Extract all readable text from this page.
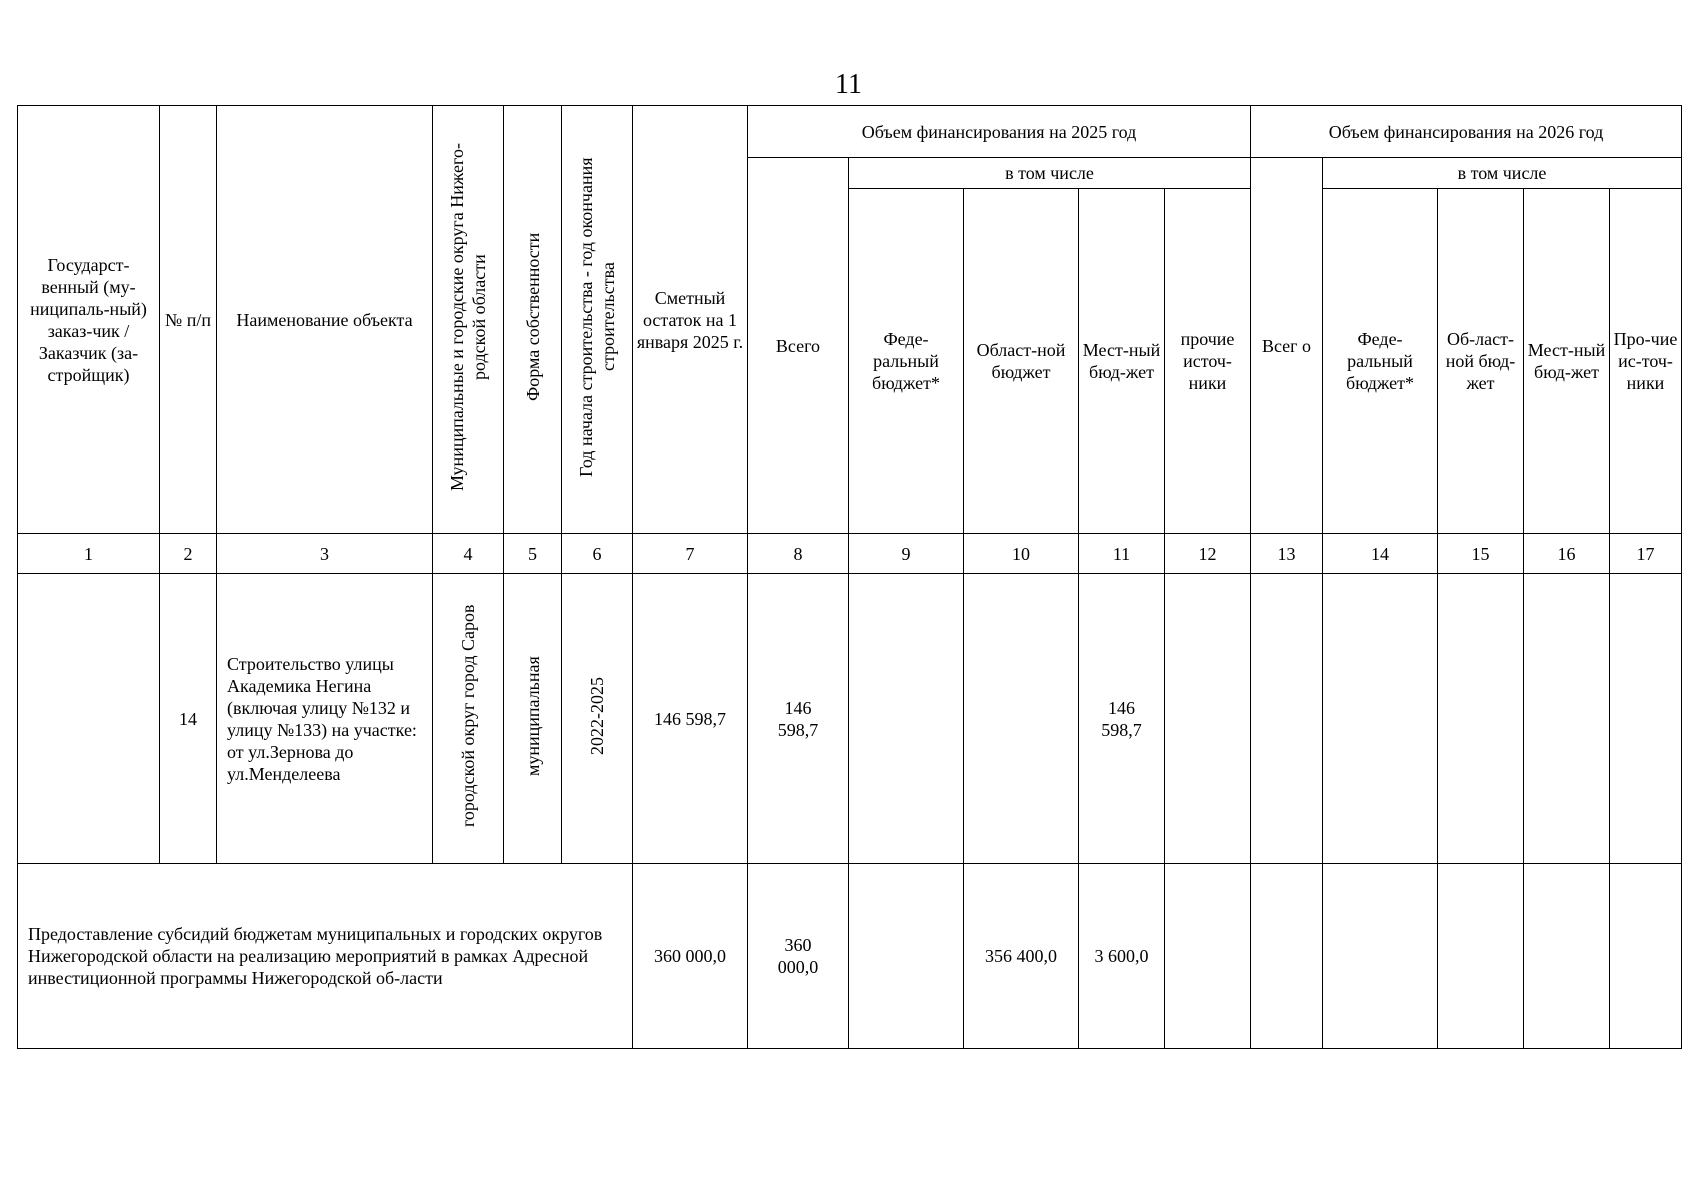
11
Государст-венный (му-ниципаль-ный) заказ-чик / Заказчик (за-стройщик)	№ п/п	Наименование объекта	Муниципальные и городские округа Нижего-родской области	Форма собственности	Год начала строительства - год окончания строительства	Сметный остаток на 1 января 2025 г.	Объем финансирования на 2025 год					Объем финансирования на 2026 год				
							Всего	в том числе				Всег о	в том числе			
								Феде-ральный бюджет*	Област-ной бюджет	Мест-ный бюд-жет	прочие источ-ники		Феде-ральный бюджет*	Об-ласт-ной бюд-жет	Мест-ный бюд-жет	Про-чие ис-точ-ники
1	2	3	4	5	6	7	8	9	10	11	12	13	14	15	16	17
	14	Строительство улицы Академика Негина (включая улицу №132 и улицу №133) на участке: от ул.Зернова до ул.Менделеева	городской округ город Саров	муниципальная	2022-2025	146 598,7	146 598,7			146 598,7						

Предоставление субсидий бюджетам муниципальных и городских округов Нижегородской области на реализацию мероприятий в рамках Адресной инвестиционной программы Нижегородской об-ласти						360 000,0	360 000,0		356 400,0	3 600,0						
